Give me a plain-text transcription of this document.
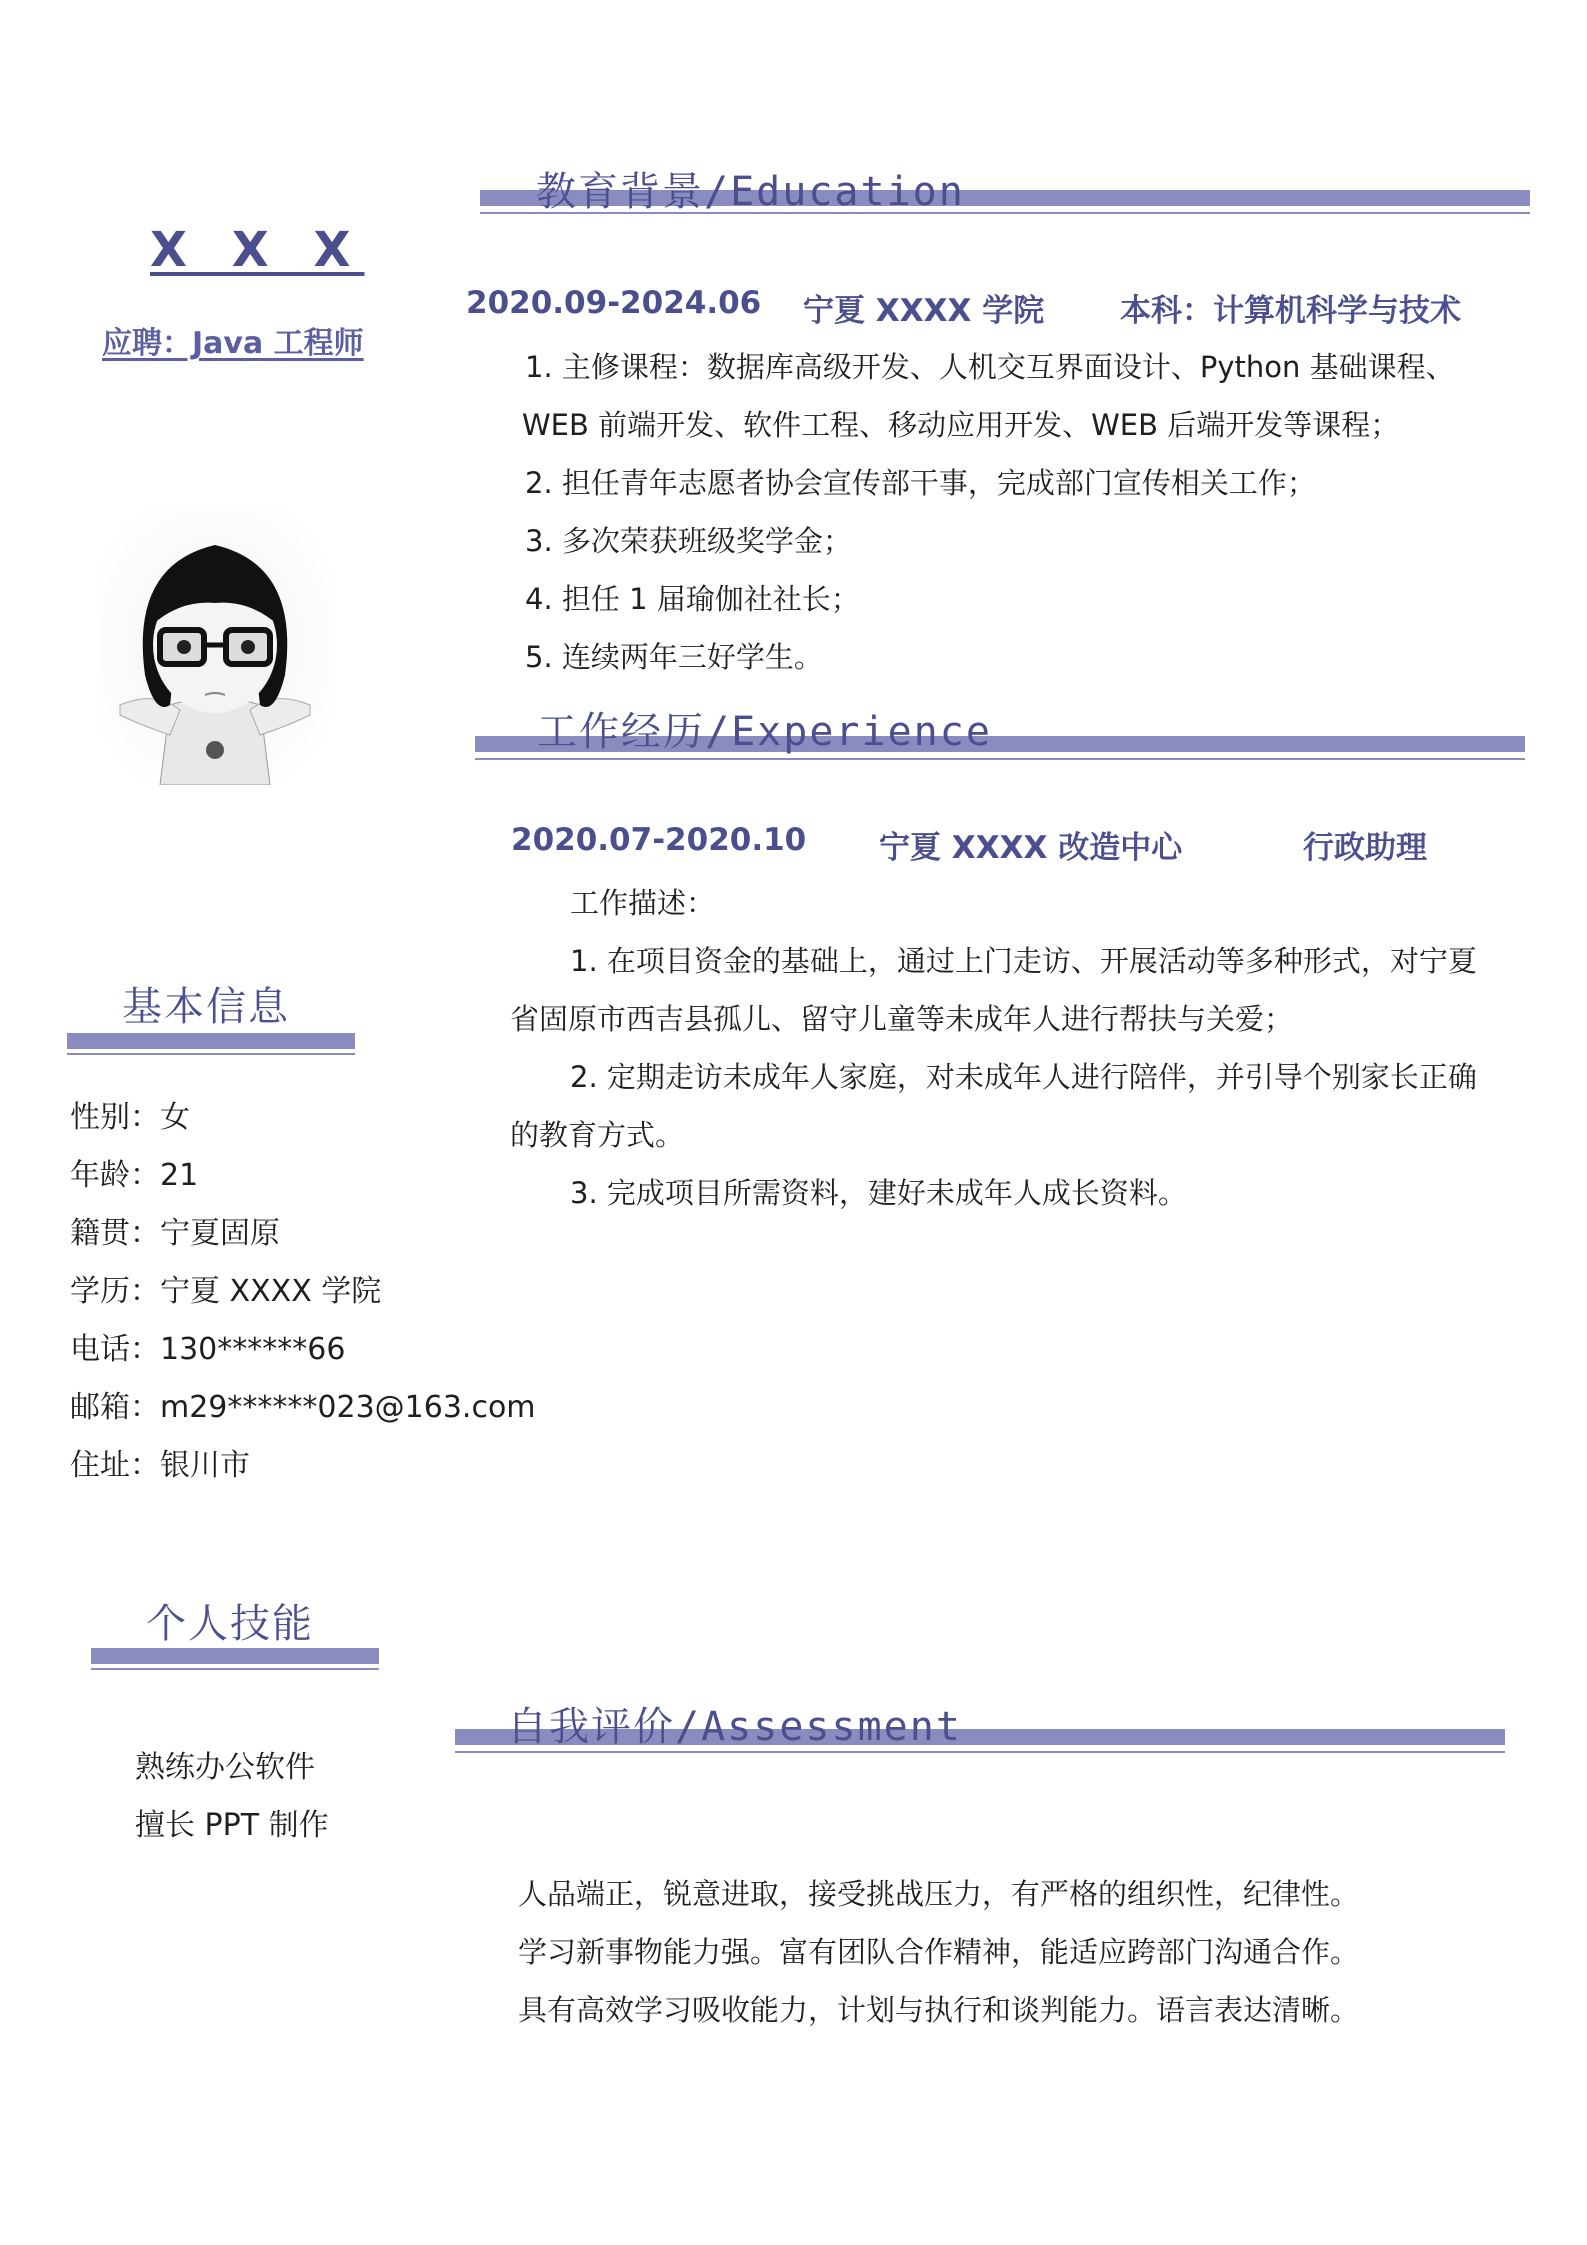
X X X
应聘：Java 工程师
基本信息
性别：女
年龄：21
籍贯：宁夏固原
学历：宁夏 XXXX 学院
电话：130******66
邮箱：m29******023@163.com
住址：银川市
个人技能
熟练办公软件
擅长 PPT 制作
教育背景/Education
2020.09-2024.06 宁夏 XXXX 学院 本科：计算机科学与技术
1. 主修课程：数据库高级开发、人机交互界面设计、Python 基础课程、
WEB 前端开发、软件工程、移动应用开发、WEB 后端开发等课程；
2. 担任青年志愿者协会宣传部干事，完成部门宣传相关工作；
3. 多次荣获班级奖学金；
4. 担任 1 届瑜伽社社长；
5. 连续两年三好学生。
工作经历/Experience
2020.07-2020.10 宁夏 XXXX 改造中心	行政助理
工作描述：
1. 在项目资金的基础上，通过上门走访、开展活动等多种形式，对宁夏
省固原市西吉县孤儿、留守儿童等未成年人进行帮扶与关爱；
2. 定期走访未成年人家庭，对未成年人进行陪伴，并引导个别家长正确
的教育方式。
3. 完成项目所需资料，建好未成年人成长资料。
自我评价/Assessment
人品端正，锐意进取，接受挑战压力，有严格的组织性，纪律性。
学习新事物能力强。富有团队合作精神，能适应跨部门沟通合作。
具有高效学习吸收能力，计划与执行和谈判能力。语言表达清晰。
